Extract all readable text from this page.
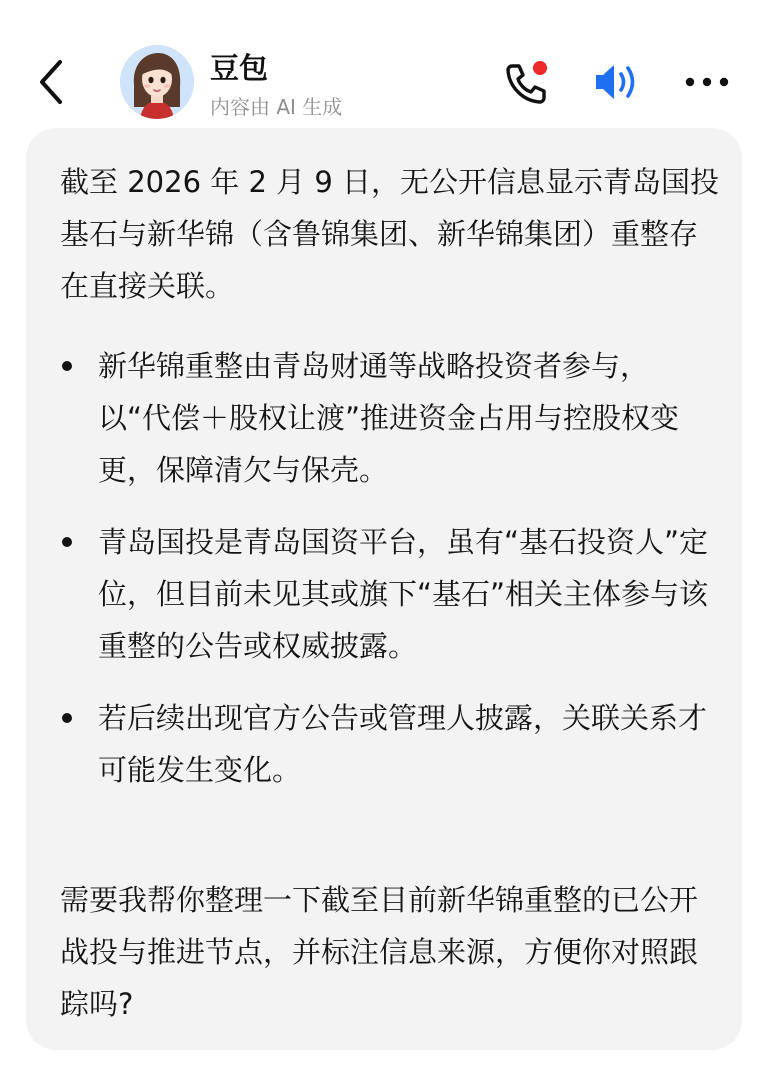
豆包
内容由 AI 生成

截至 2026 年 2 月 9 日，无公开信息显示青岛国投基石与新华锦（含鲁锦集团、新华锦集团）重整存在直接关联。

新华锦重整由青岛财通等战略投资者参与，以“代偿＋股权让渡”推进资金占用与控股权变更，保障清欠与保壳。
青岛国投是青岛国资平台，虽有“基石投资人”定位，但目前未见其或旗下“基石”相关主体参与该重整的公告或权威披露。
若后续出现官方公告或管理人披露，关联关系才可能发生变化。

需要我帮你整理一下截至目前新华锦重整的已公开战投与推进节点，并标注信息来源，方便你对照跟踪吗?
